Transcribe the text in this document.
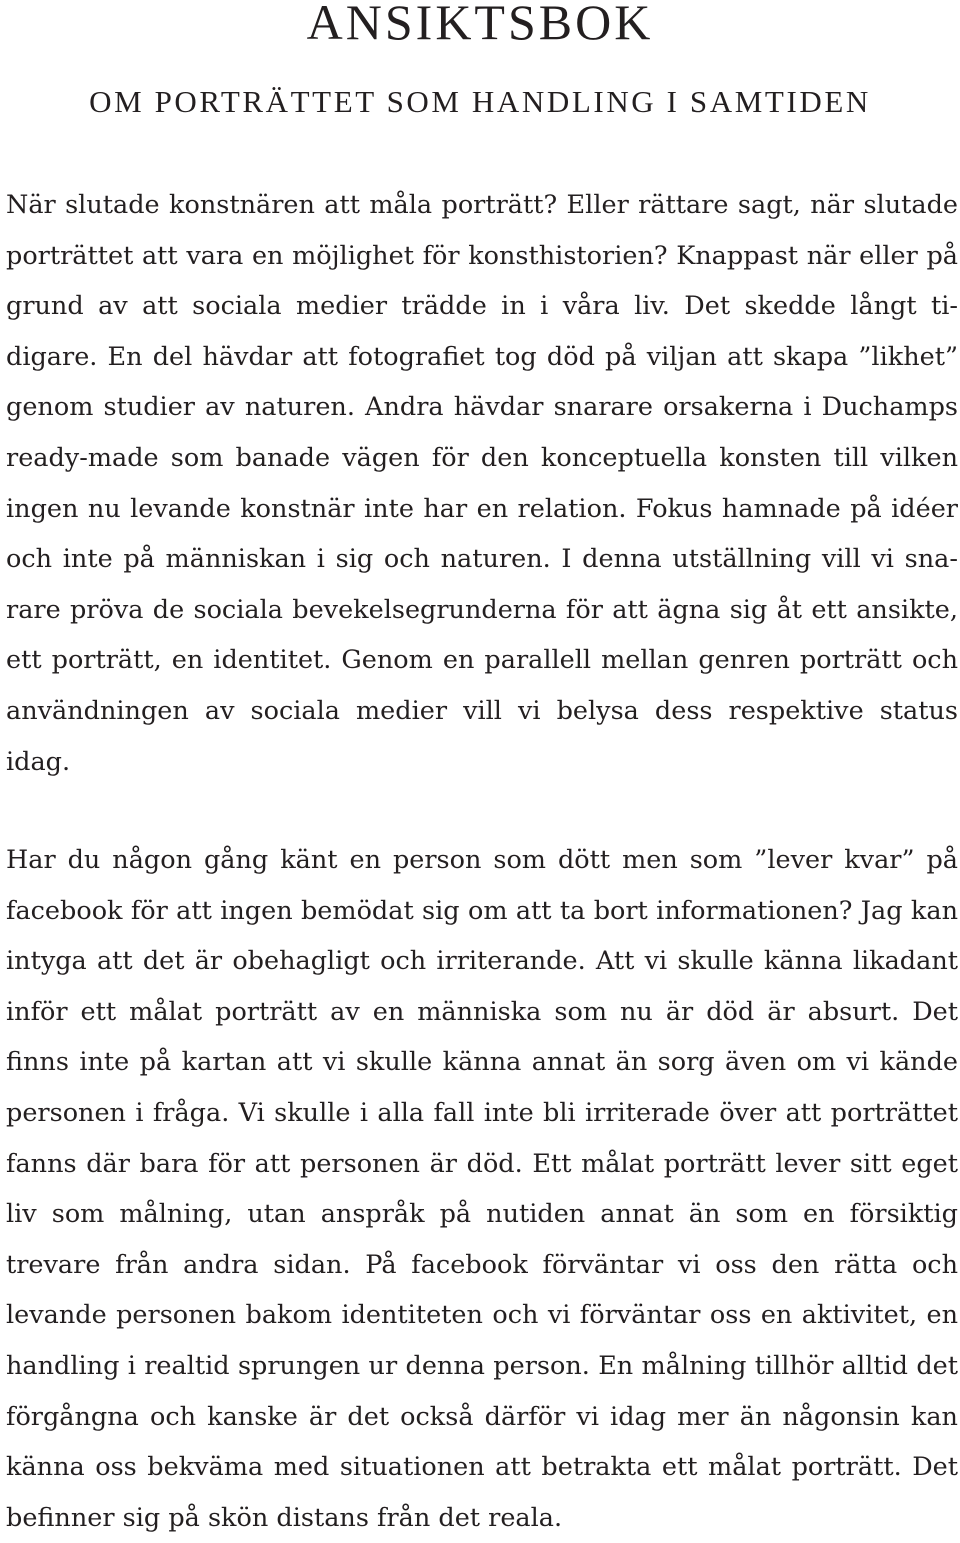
ANSIKTSBOK
OM PORTRÄTTET SOM HANDLING I SAMTIDEN

När slutade konstnären att måla porträtt? Eller rättare sagt, när slutade porträttet att vara en möjlighet för konsthistorien? Knappast när eller på grund av att sociala medier trädde in i våra liv. Det skedde långt tidigare. En del hävdar att fotografiet tog död på viljan att skapa ”likhet” genom studier av naturen. Andra hävdar snarare orsakerna i Duchamps ready-made som banade vägen för den konceptuella konsten till vilken ingen nu levande konstnär inte har en relation. Fokus hamnade på idéer och inte på människan i sig och naturen. I denna utställning vill vi snarare pröva de sociala bevekelsegrunderna för att ägna sig åt ett ansikte, ett porträtt, en identitet. Genom en parallell mellan genren porträtt och användningen av sociala medier vill vi belysa dess respektive status idag.

Har du någon gång känt en person som dött men som ”lever kvar” på facebook för att ingen bemödat sig om att ta bort informationen? Jag kan intyga att det är obehagligt och irriterande. Att vi skulle känna likadant inför ett målat porträtt av en människa som nu är död är absurt. Det finns inte på kartan att vi skulle känna annat än sorg även om vi kände personen i fråga. Vi skulle i alla fall inte bli irriterade över att porträttet fanns där bara för att personen är död. Ett målat porträtt lever sitt eget liv som målning, utan anspråk på nutiden annat än som en försiktig trevare från andra sidan. På facebook förväntar vi oss den rätta och levande personen bakom identiteten och vi förväntar oss en aktivitet, en handling i realtid sprungen ur denna person. En målning tillhör alltid det förgångna och kanske är det också därför vi idag mer än någonsin kan känna oss bekväma med situationen att betrakta ett målat porträtt. Det befinner sig på skön distans från det reala.
